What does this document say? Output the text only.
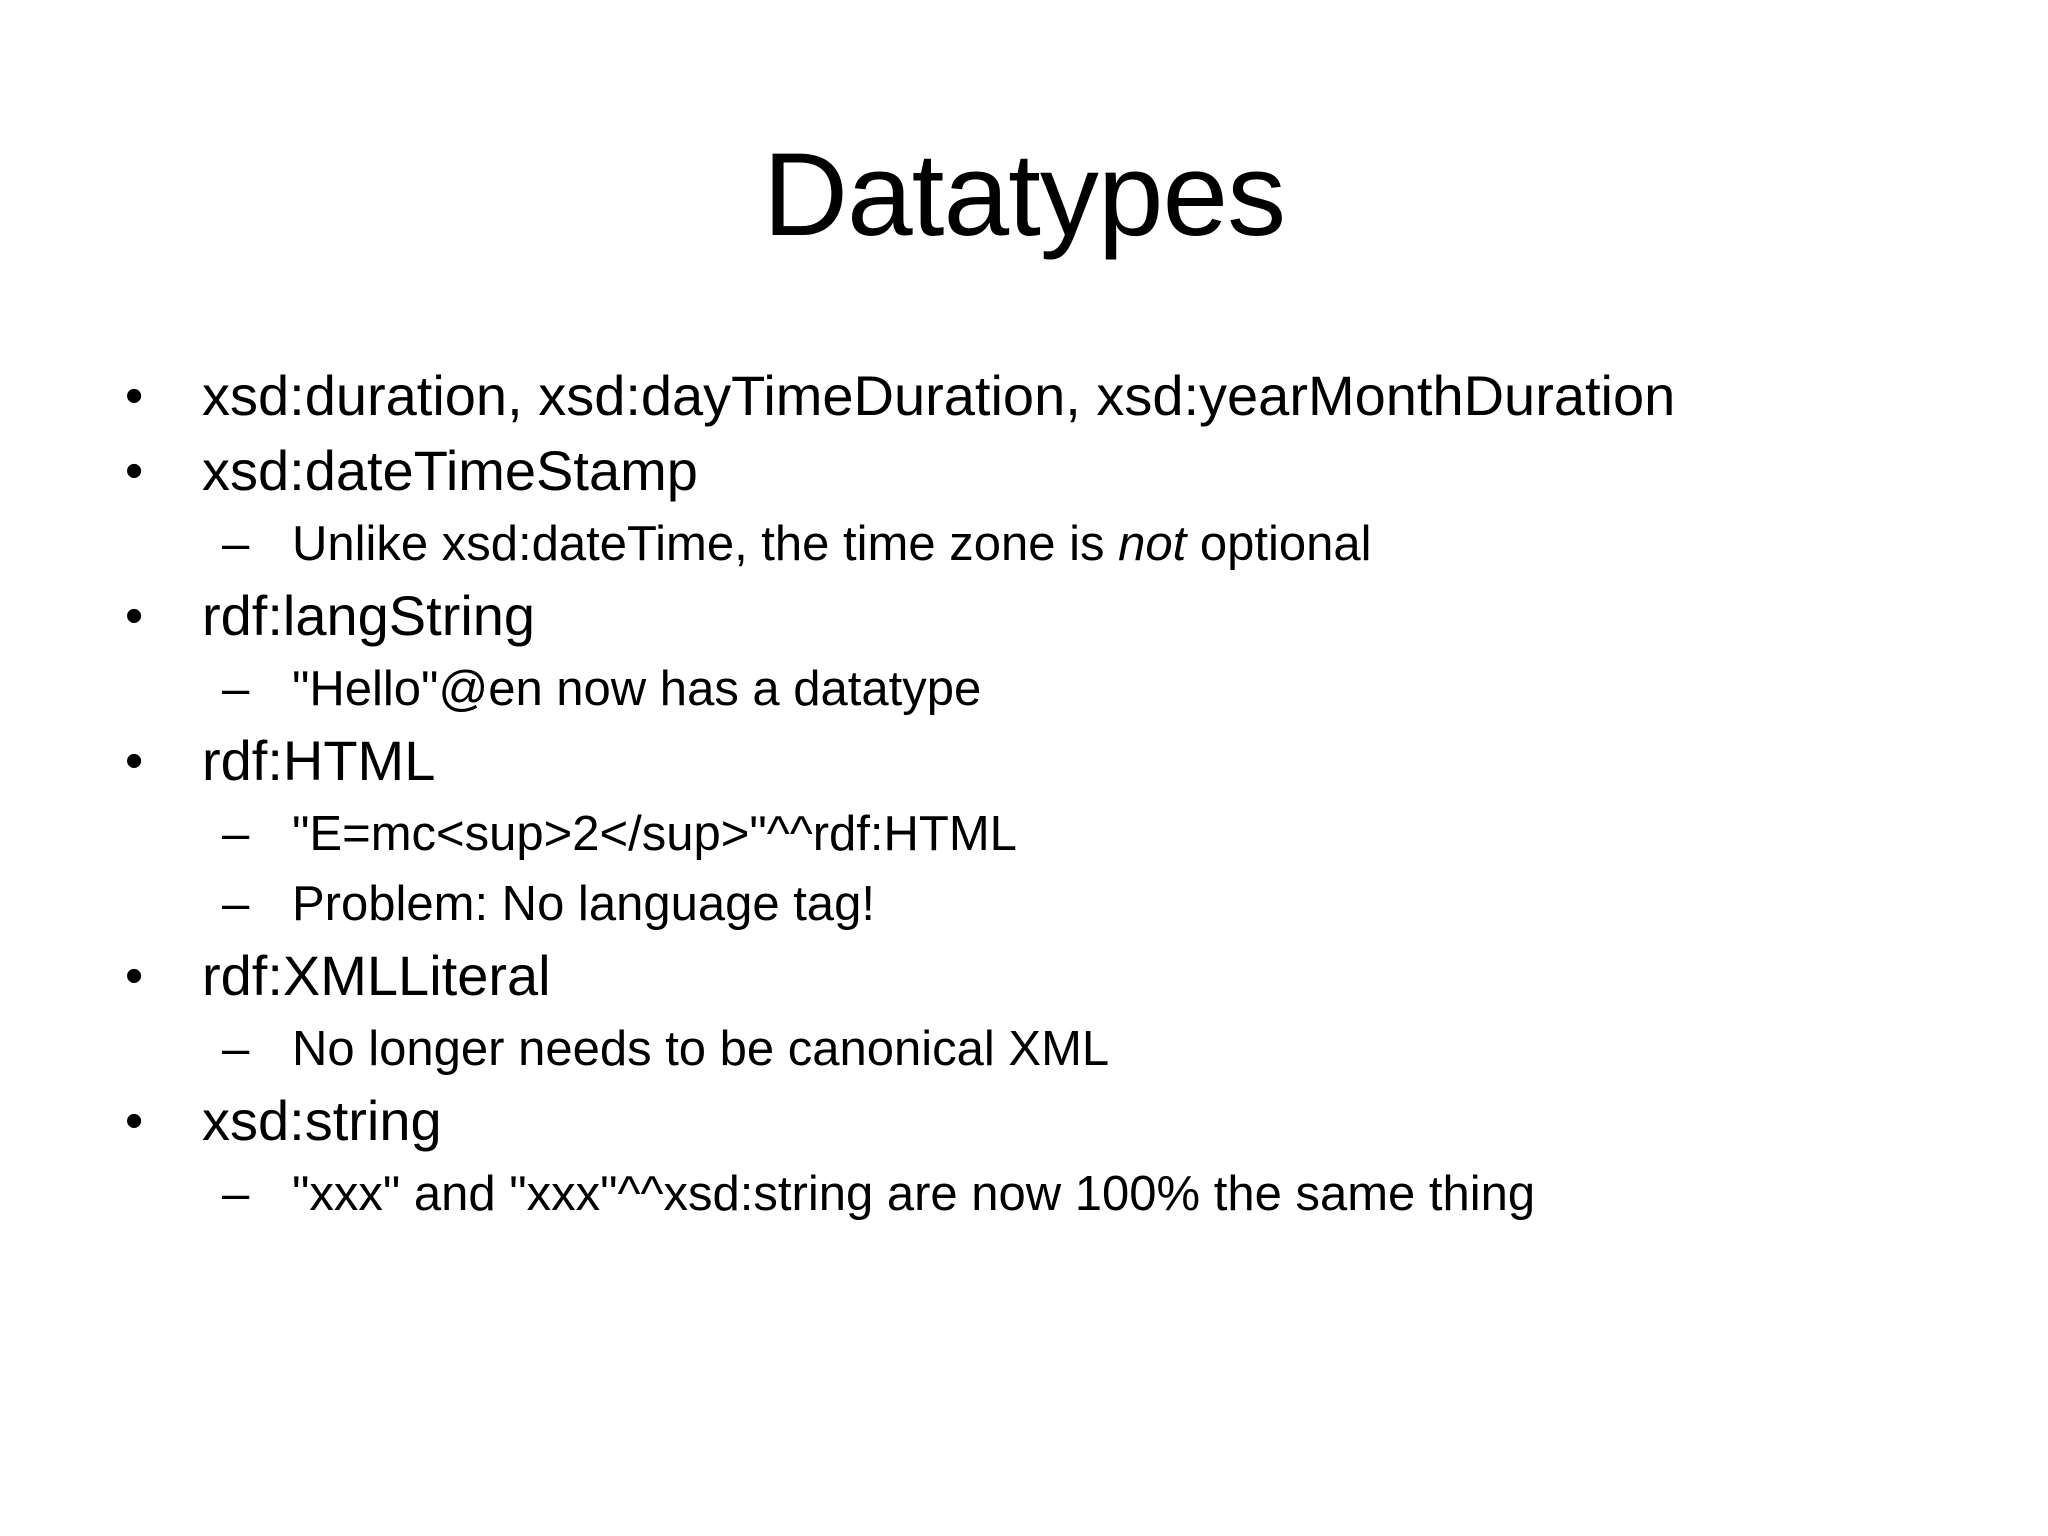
Datatypes
• xsd:duration, xsd:dayTimeDuration, xsd:yearMonthDuration
• xsd:dateTimeStamp
– Unlike xsd:dateTime, the time zone is not optional
• rdf:langString
– "Hello"@en now has a datatype
• rdf:HTML
– "E=mc<sup>2</sup>"^^rdf:HTML
– Problem: No language tag!
• rdf:XMLLiteral
– No longer needs to be canonical XML
• xsd:string
– "xxx" and "xxx"^^xsd:string are now 100% the same thing
